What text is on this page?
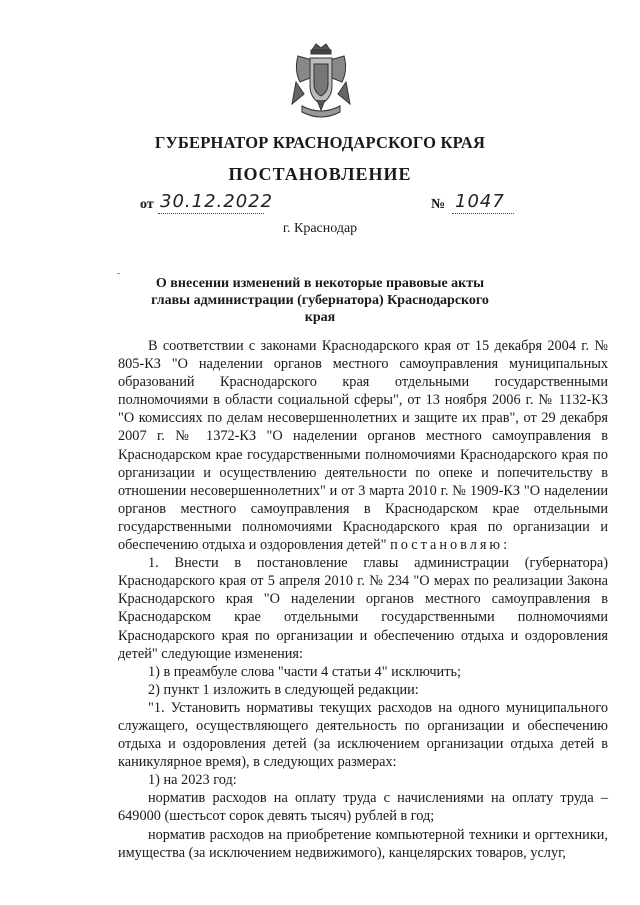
ГУБЕРНАТОР КРАСНОДАРСКОГО КРАЯ
ПОСТАНОВЛЕНИЕ
от 30.12.2022	№ 1047
г. Краснодар
О внесении изменений в некоторые правовые акты главы администрации (губернатора) Краснодарского края

В соответствии с законами Краснодарского края от 15 декабря 2004 г. № 805-КЗ "О наделении органов местного самоуправления муниципальных образований Краснодарского края отдельными государственными полномочиями в области социальной сферы", от 13 ноября 2006 г. № 1132-КЗ "О комиссиях по делам несовершеннолетних и защите их прав", от 29 декабря 2007 г. № 1372-КЗ "О наделении органов местного самоуправления в Краснодарском крае государственными полномочиями Краснодарского края по организации и осуществлению деятельности по опеке и попечительству в отношении несовершеннолетних" и от 3 марта 2010 г. № 1909-КЗ "О наделении органов местного самоуправления в Краснодарском крае отдельными государственными полномочиями Краснодарского края по организации и обеспечению отдыха и оздоровления детей" постановляю:

1. Внести в постановление главы администрации (губернатора) Краснодарского края от 5 апреля 2010 г. № 234 "О мерах по реализации Закона Краснодарского края "О наделении органов местного самоуправления в Краснодарском крае отдельными государственными полномочиями Краснодарского края по организации и обеспечению отдыха и оздоровления детей" следующие изменения:

1) в преамбуле слова "части 4 статьи 4" исключить;

2) пункт 1 изложить в следующей редакции:

"1. Установить нормативы текущих расходов на одного муниципального служащего, осуществляющего деятельность по организации и обеспечению отдыха и оздоровления детей (за исключением организации отдыха детей в каникулярное время), в следующих размерах:

1) на 2023 год:

норматив расходов на оплату труда с начислениями на оплату труда – 649000 (шестьсот сорок девять тысяч) рублей в год;

норматив расходов на приобретение компьютерной техники и оргтехники, имущества (за исключением недвижимого), канцелярских товаров, услуг,
